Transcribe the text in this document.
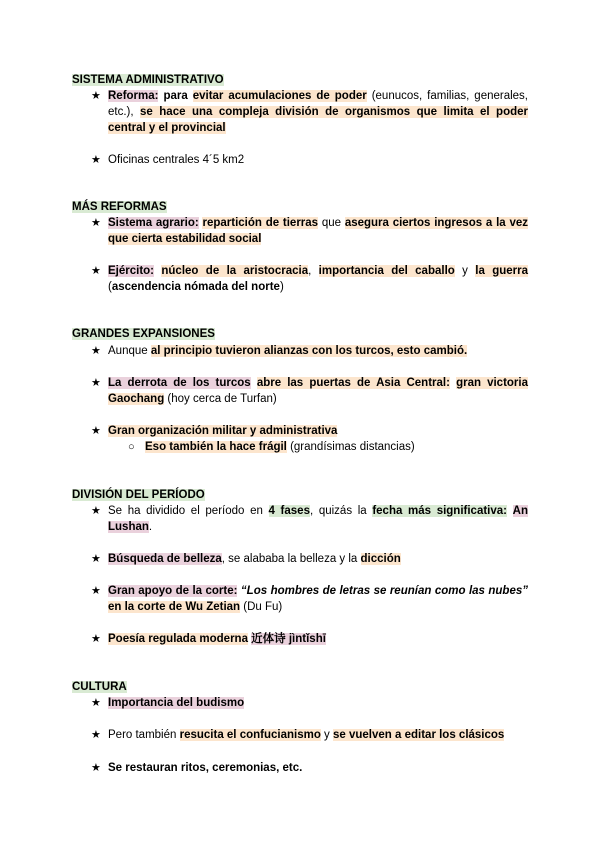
SISTEMA ADMINISTRATIVO
★ Reforma: para evitar acumulaciones de poder (eunucos, familias, generales, etc.), se hace una compleja división de organismos que limita el poder central y el provincial
★ Oficinas centrales 4´5 km2
MÁS REFORMAS
★ Sistema agrario: repartición de tierras que asegura ciertos ingresos a la vez que cierta estabilidad social
★ Ejército: núcleo de la aristocracia, importancia del caballo y la guerra (ascendencia nómada del norte)
GRANDES EXPANSIONES
★ Aunque al principio tuvieron alianzas con los turcos, esto cambió.
★ La derrota de los turcos abre las puertas de Asia Central: gran victoria Gaochang (hoy cerca de Turfan)
★ Gran organización militar y administrativa
○ Eso también la hace frágil (grandísimas distancias)
DIVISIÓN DEL PERÍODO
★ Se ha dividido el período en 4 fases, quizás la fecha más significativa: An Lushan.
★ Búsqueda de belleza, se alababa la belleza y la dicción
★ Gran apoyo de la corte: “Los hombres de letras se reunían como las nubes” en la corte de Wu Zetian (Du Fu)
★ Poesía regulada moderna 近体诗 jìntǐshī
CULTURA
★ Importancia del budismo
★ Pero también resucita el confucianismo y se vuelven a editar los clásicos
★ Se restauran ritos, ceremonias, etc.
